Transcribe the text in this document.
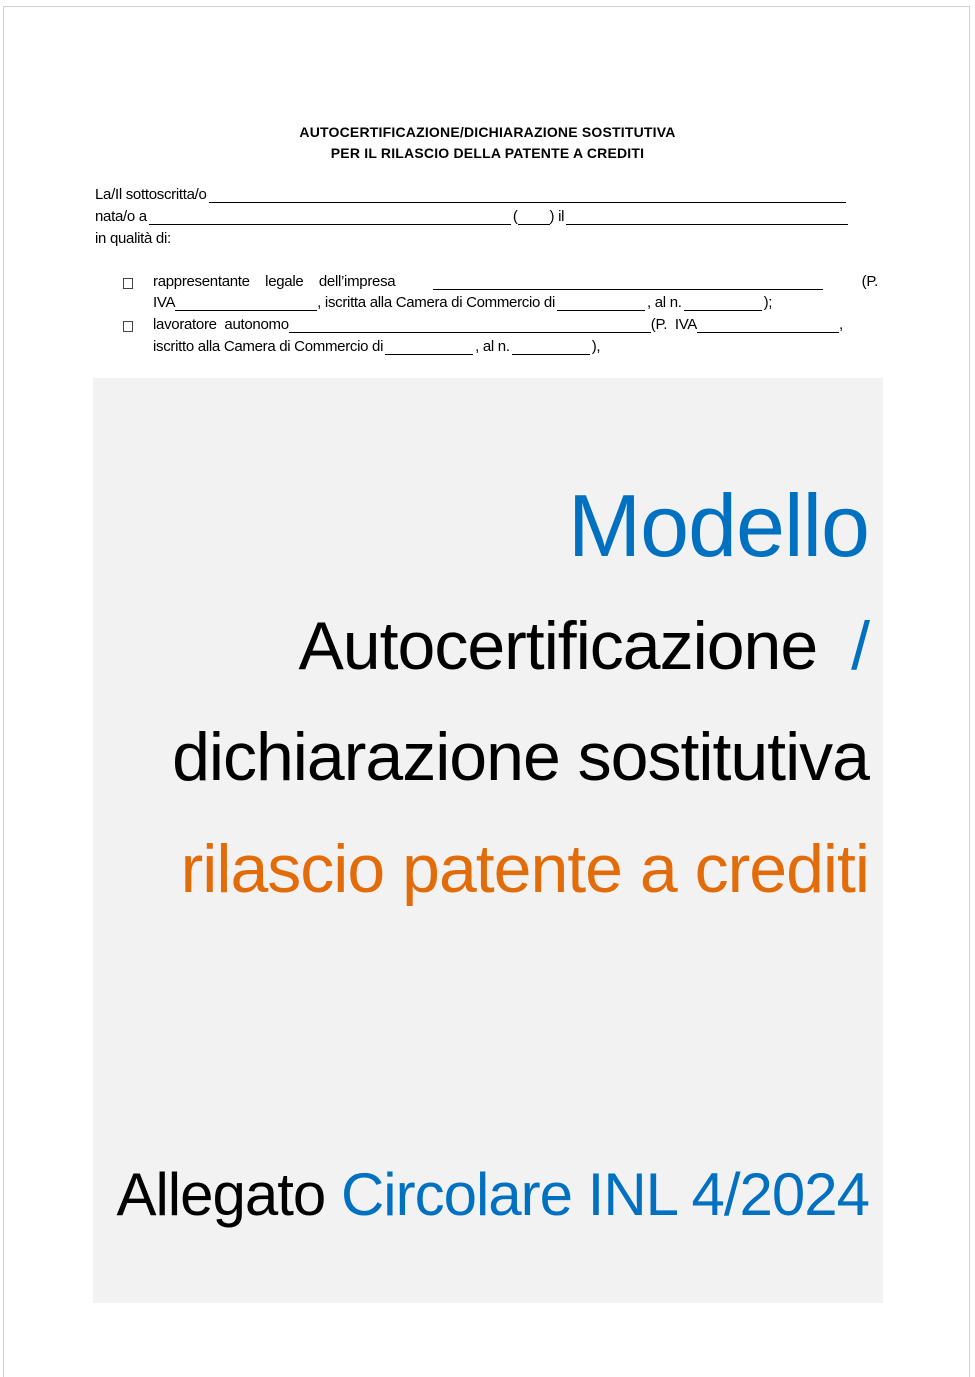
AUTOCERTIFICAZIONE/DICHIARAZIONE SOSTITUTIVA
PER IL RILASCIO DELLA PATENTE A CREDITI
La/Il sottoscritta/o
nata/o a	( ) il
in qualità di:
rappresentante    legale    dell’impresa	(P.
IVA	, iscritta alla Camera di Commercio di	, al n.	);
lavoratore  autonomo	(P.  IVA	,
iscritto alla Camera di Commercio di	, al n.	),
Modello
Autocertificazione /
dichiarazione sostitutiva
rilascio patente a crediti
Allegato Circolare INL 4/2024
